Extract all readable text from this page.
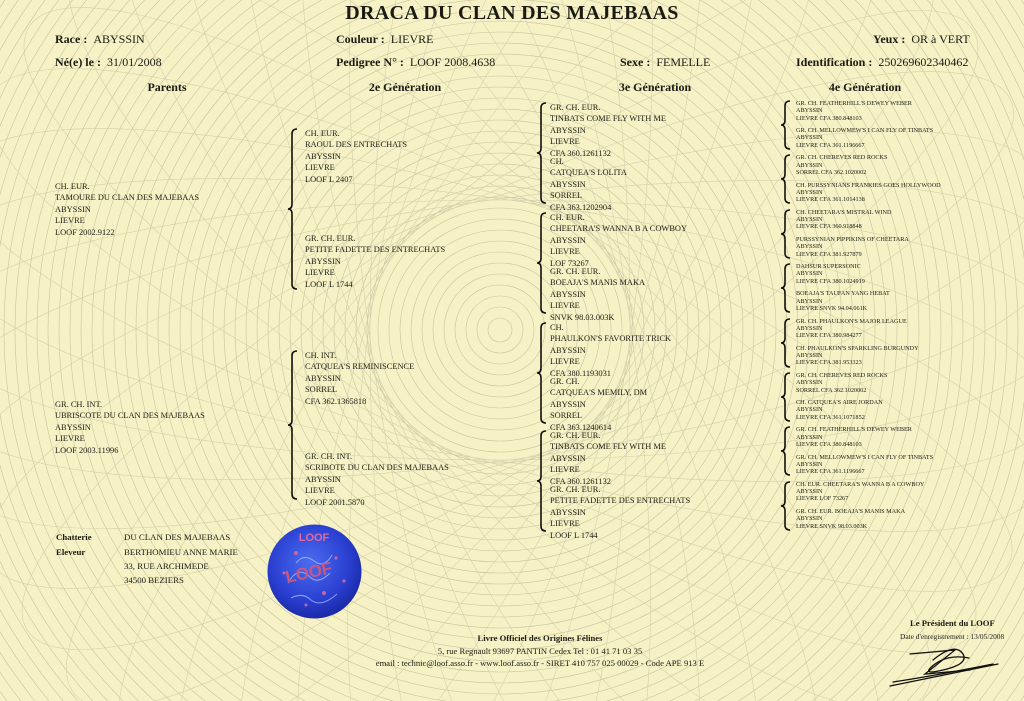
DRACA DU CLAN DES MAJEBAAS
Race : ABYSSIN	Couleur : LIEVRE	Yeux : OR à VERT
Né(e) le : 31/01/2008	Pedigree N° : LOOF 2008.4638	Sexe : FEMELLE	Identification : 250269602340462
Parents	2e Génération	3e Génération	4e Génération
CH. EUR.
TAMOURE DU CLAN DES MAJEBAAS
ABYSSIN
LIEVRE
LOOF 2002.9122
GR. CH. INT.
UBRISCOTE DU CLAN DES MAJEBAAS
ABYSSIN
LIEVRE
LOOF 2003.11996
CH. EUR.
RAOUL DES ENTRECHATS
ABYSSIN
LIEVRE
LOOF L 2407
GR. CH. EUR.
PETITE FADETTE DES ENTRECHATS
ABYSSIN
LIEVRE
LOOF L 1744
CH. INT.
CATQUEA'S REMINISCENCE
ABYSSIN
SORREL
CFA 362.1365818
GR. CH. INT.
SCRIBOTE DU CLAN DES MAJEBAAS
ABYSSIN
LIEVRE
LOOF 2001.5870
GR. CH. EUR.
TINBATS COME FLY WITH ME
ABYSSIN
LIEVRE
CFA 360.1261132
CH.
CATQUEA'S LOLITA
ABYSSIN
SORREL
CFA 363.1202904
CH. EUR.
CHEETARA'S WANNA B A COWBOY
ABYSSIN
LIEVRE
LOF 73267
GR. CH. EUR.
BOEAJA'S MANIS MAKA
ABYSSIN
LIEVRE
SNVK 98.03.003K
CH.
PHAULKON'S FAVORITE TRICK
ABYSSIN
LIEVRE
CFA 380.1193031
GR. CH.
CATQUEA'S MEMILY, DM
ABYSSIN
SORREL
CFA 363.1240614
GR. CH. EUR.
TINBATS COME FLY WITH ME
ABYSSIN
LIEVRE
CFA 360.1261132
GR. CH. EUR.
PETITE FADETTE DES ENTRECHATS
ABYSSIN
LIEVRE
LOOF L 1744
GR. CH. FEATHERHILL'S DEWEY WEBER
ABYSSIN
LIEVRE CFA 380.848103
GR. CH. MELLOWMEW'S I CAN FLY OF TINBATS
ABYSSIN
LIEVRE CFA 361.1196667
GR. CH. CHEREVES RED ROCKS
ABYSSIN
SORREL CFA 362.1020002
CH. PURSSYNIANS FRANKIES GOES HOLLYWOOD
ABYSSIN
LIEVRE CFA 361.1014138
CH. CHEETARA'S MISTRAL WIND
ABYSSIN
LIEVRE CFA 360.918848
PURSSYNIAN PIPPIKINS OF CHEETARA
ABYSSIN
LIEVRE CFA 381.927879
DAHSUR SUPERSONIC
ABYSSIN
LIEVRE CFA 380.1024919
BOEAJA'S TAUFAN YANG HEBAT
ABYSSIN
LIEVRE SNVK 94.04.061K
GR. CH. PHAULKON'S MAJOR LEAGUE
ABYSSIN
LIEVRE CFA 380.984277
CH. PHAULKON'S SPARKLING BURGUNDY
ABYSSIN
LIEVRE CFA 381.953323
GR. CH. CHEREVES RED ROCKS
ABYSSIN
SORREL CFA 362.1020002
CH. CATQUEA'S AIRE JORDAN
ABYSSIN
LIEVRE CFA 361.1071852
GR. CH. FEATHERHILL'S DEWEY WEBER
ABYSSIN
LIEVRE CFA 380.848103
GR. CH. MELLOWMEW'S I CAN FLY OF TINBATS
ABYSSIN
LIEVRE CFA 361.1196667
CH. EUR. CHEETARA'S WANNA B A COWBOY
ABYSSIN
LIEVRE LOF 73267
GR. CH. EUR. BOEAJA'S MANIS MAKA
ABYSSIN
LIEVRE SNVK 98.03.003K
Chatterie	DU CLAN DES MAJEBAAS
Eleveur	BERTHOMIEU ANNE MARIE
33, RUE ARCHIMEDE
34500 BEZIERS
LOOF
LOOF
Livre Officiel des Origines Félines
5, rue Regnault 93697 PANTIN Cedex Tel : 01 41 71 03 35
email : technic@loof.asso.fr - www.loof.asso.fr - SIRET 410 757 025 00029 - Code APE 913 E
Le Président du LOOF
Date d'enregistrement : 13/05/2008
